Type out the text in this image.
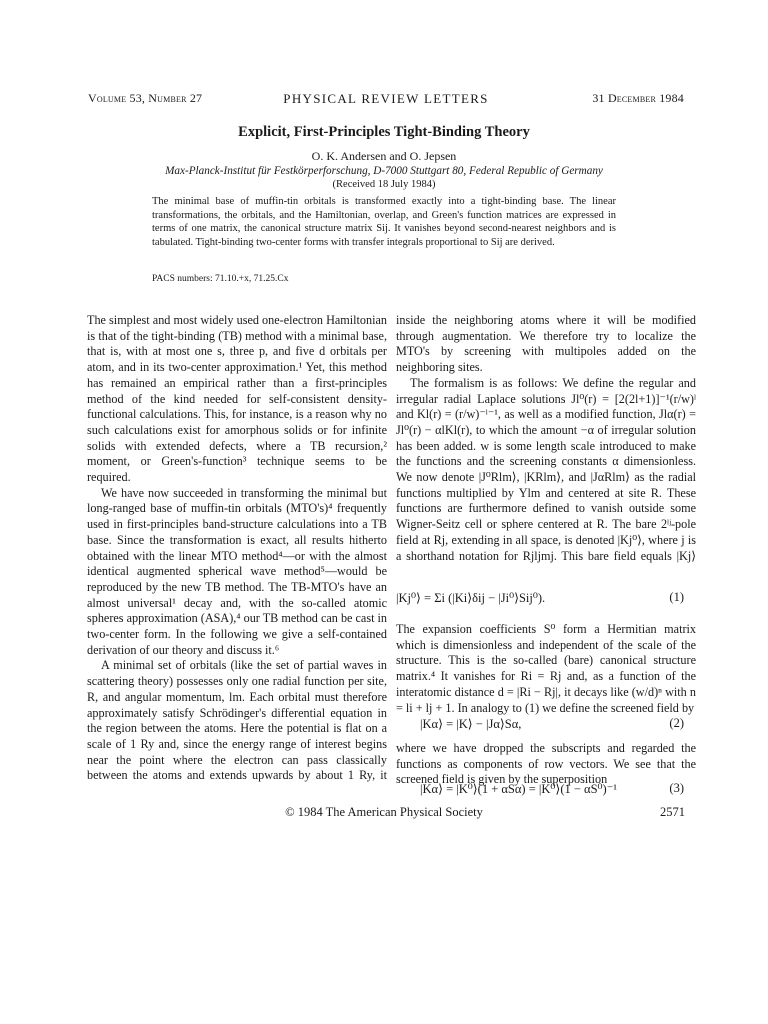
Volume 53, Number 27	PHYSICAL REVIEW LETTERS	31 December 1984
Explicit, First-Principles Tight-Binding Theory
O. K. Andersen and O. Jepsen
Max-Planck-Institut für Festkörperforschung, D-7000 Stuttgart 80, Federal Republic of Germany
(Received 18 July 1984)
The minimal base of muffin-tin orbitals is transformed exactly into a tight-binding base. The linear transformations, the orbitals, and the Hamiltonian, overlap, and Green's function matrices are expressed in terms of one matrix, the canonical structure matrix Sij. It vanishes beyond second-nearest neighbors and is tabulated. Tight-binding two-center forms with transfer integrals proportional to Sij are derived.
PACS numbers: 71.10.+x, 71.25.Cx

The simplest and most widely used one-electron Hamiltonian is that of the tight-binding (TB) method with a minimal base, that is, with at most one s, three p, and five d orbitals per atom, and in its two-center approximation.¹ Yet, this method has remained an empirical rather than a first-principles method of the kind needed for self-consistent density-functional calculations. This, for instance, is a reason why no such calculations exist for amorphous solids or for infinite solids with extended defects, where a TB recursion,² moment, or Green's-function³ technique seems to be required.

We have now succeeded in transforming the minimal but long-ranged base of muffin-tin orbitals (MTO's)⁴ frequently used in first-principles band-structure calculations into a TB base. Since the transformation is exact, all results hitherto obtained with the linear MTO method⁴—or with the almost identical augmented spherical wave method⁵—would be reproduced by the new TB method. The TB-MTO's have an almost universal¹ decay and, with the so-called atomic spheres approximation (ASA),⁴ our TB method can be cast in two-center form. In the following we give a self-contained derivation of our theory and discuss it.⁶

A minimal set of orbitals (like the set of partial waves in scattering theory) possesses only one radial function per site, R, and angular momentum, lm. Each orbital must therefore approximately satisfy Schrödinger's differential equation in the region between the atoms. Here the potential is flat on a scale of 1 Ry and, since the energy range of interest begins near the point where the electron can pass classically between the atoms and extends upwards by about 1 Ry, it

inside the neighboring atoms where it will be modified through augmentation. We therefore try to localize the MTO's by screening with multipoles added on the neighboring sites.

The formalism is as follows: We define the regular and irregular radial Laplace solutions Jl⁰(r) = [2(2l+1)]⁻¹(r/w)ˡ and Kl(r) = (r/w)⁻ˡ⁻¹, as well as a modified function, Jlα(r) = Jl⁰(r) − αlKl(r), to which the amount −α of irregular solution has been added. w is some length scale introduced to make the functions and the screening constants α dimensionless. We now denote |J⁰Rlm⟩, |KRlm⟩, and |JαRlm⟩ as the radial functions multiplied by Ylm and centered at site R. These functions are furthermore defined to vanish outside some Wigner-Seitz cell or sphere centered at R. The bare 2ˡʲ-pole field at Rj, extending in all space, is denoted |Kj⁰⟩, where j is a shorthand notation for Rjljmj. This bare field equals |Kj⟩

|Kj⁰⟩ = Σi (|Ki⟩δij − |Ji⁰⟩Sij⁰).	(1)
The expansion coefficients S⁰ form a Hermitian matrix which is dimensionless and independent of the scale of the structure. This is the so-called (bare) canonical structure matrix.⁴ It vanishes for Ri = Rj and, as a function of the interatomic distance d = |Ri − Rj|, it decays like (w/d)ⁿ with n = li + lj + 1. In analogy to (1) we define the screened field by
|Kα⟩ = |K⟩ − |Jα⟩Sα,	(2)
where we have dropped the subscripts and regarded the functions as components of row vectors. We see that the screened field is given by the superposition
|Kα⟩ = |K⁰⟩(1 + αSα) = |K⁰⟩(1 − αS⁰)⁻¹	(3)
© 1984 The American Physical Society	2571
